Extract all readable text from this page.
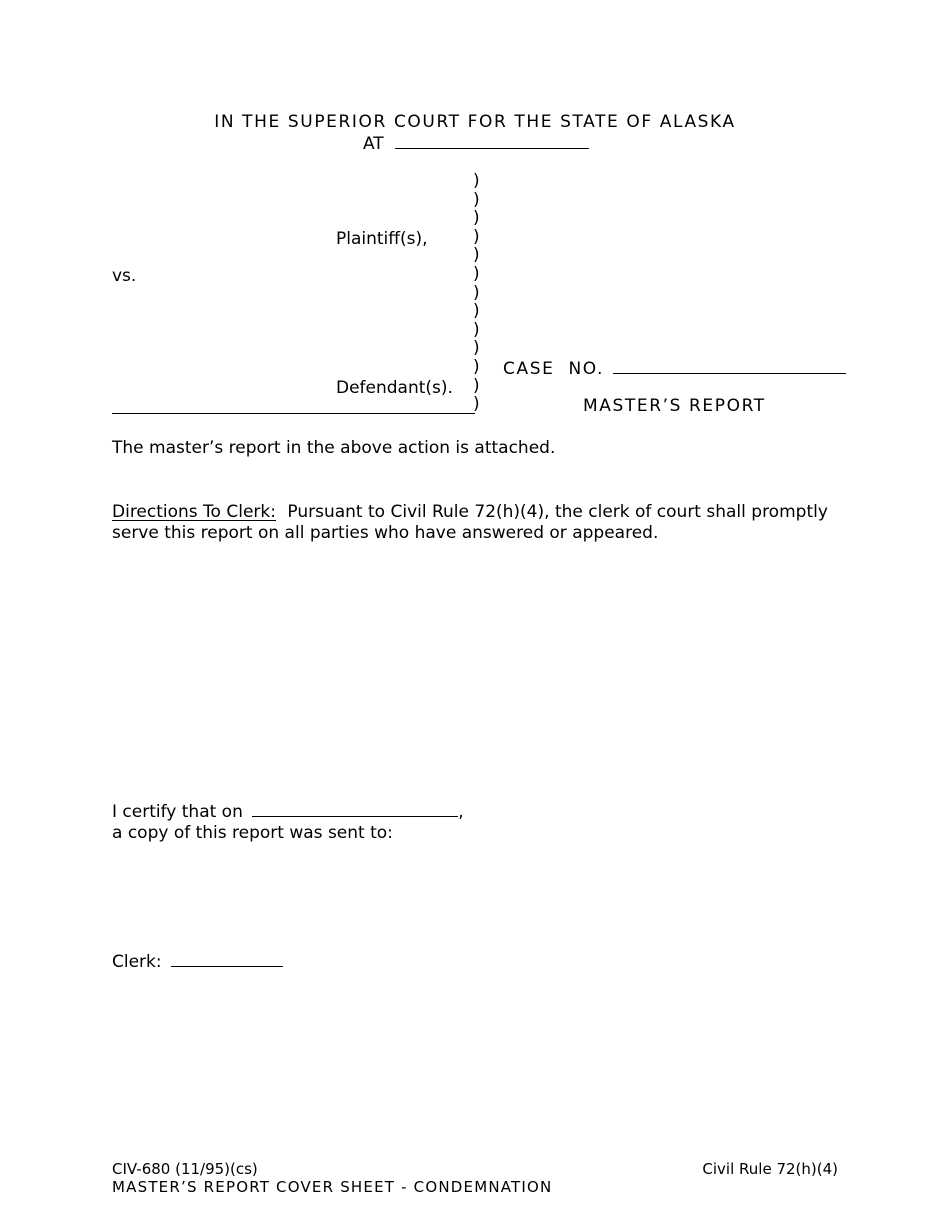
IN THE SUPERIOR COURT FOR THE STATE OF ALASKA
AT
Plaintiff(s),
vs.
Defendant(s).
)
)
)
)
)
)
)
)
)
)
)
)
)
CASE  NO.
MASTER’S REPORT
The master’s report in the above action is attached.
Directions To Clerk: Pursuant to Civil Rule 72(h)(4), the clerk of court shall promptly
serve this report on all parties who have answered or appeared.
I certify that on	,
a copy of this report was sent to:
Clerk:
CIV-680 (11/95)(cs)
MASTER’S REPORT COVER SHEET - CONDEMNATION
Civil Rule 72(h)(4)
